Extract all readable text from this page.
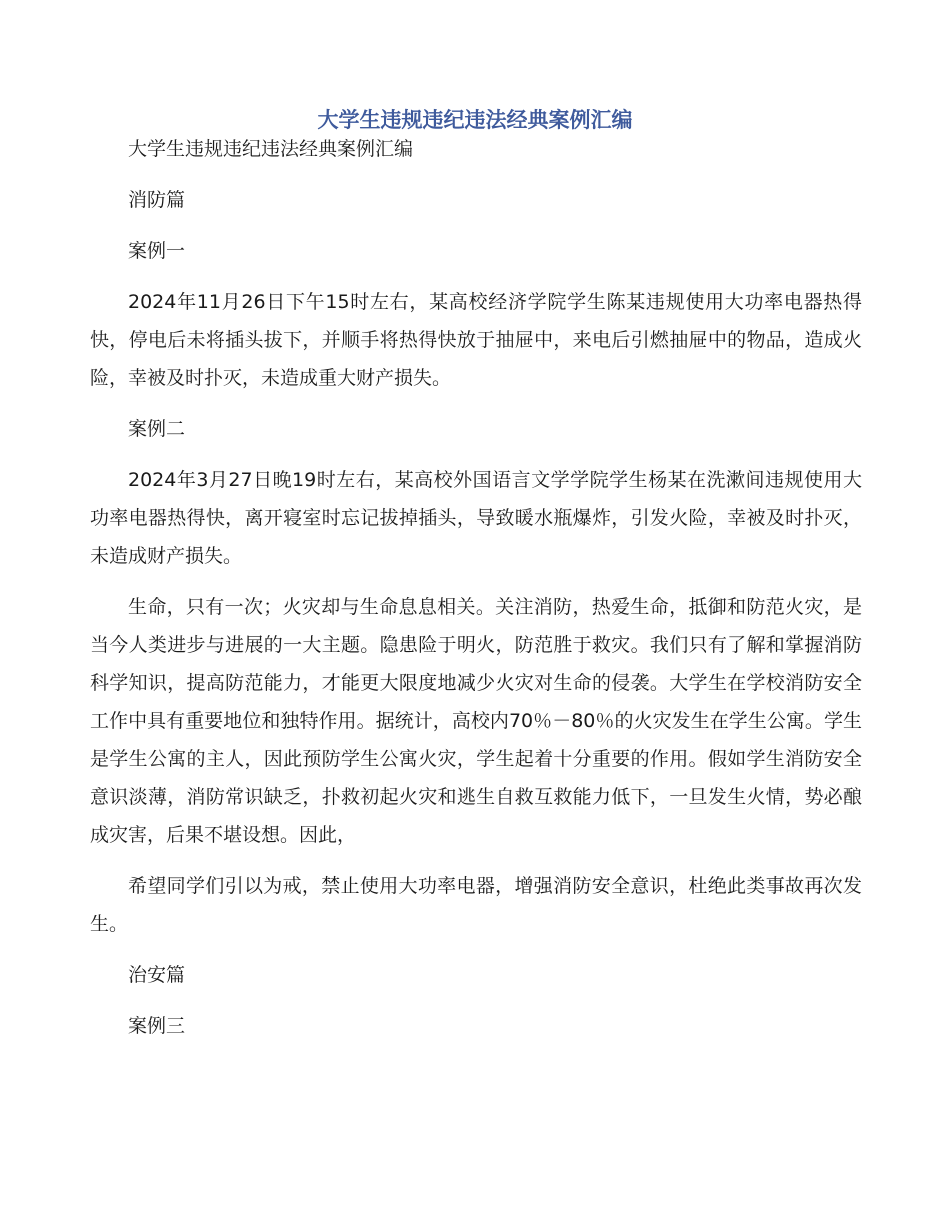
大学生违规违纪违法经典案例汇编

大学生违规违纪违法经典案例汇编

消防篇

案例一

2024年11月26日下午15时左右，某高校经济学院学生陈某违规使用大功率电器热得快，停电后未将插头拔下，并顺手将热得快放于抽屉中，来电后引燃抽屉中的物品，造成火险，幸被及时扑灭，未造成重大财产损失。

案例二

2024年3月27日晚19时左右，某高校外国语言文学学院学生杨某在洗漱间违规使用大功率电器热得快，离开寝室时忘记拔掉插头，导致暖水瓶爆炸，引发火险，幸被及时扑灭，未造成财产损失。

生命，只有一次；火灾却与生命息息相关。关注消防，热爱生命，抵御和防范火灾，是当今人类进步与进展的一大主题。隐患险于明火，防范胜于救灾。我们只有了解和掌握消防科学知识，提高防范能力，才能更大限度地减少火灾对生命的侵袭。大学生在学校消防安全工作中具有重要地位和独特作用。据统计，高校内70％－80％的火灾发生在学生公寓。学生是学生公寓的主人，因此预防学生公寓火灾，学生起着十分重要的作用。假如学生消防安全意识淡薄，消防常识缺乏，扑救初起火灾和逃生自救互救能力低下，一旦发生火情，势必酿成灾害，后果不堪设想。因此，

希望同学们引以为戒，禁止使用大功率电器，增强消防安全意识，杜绝此类事故再次发生。

治安篇

案例三
